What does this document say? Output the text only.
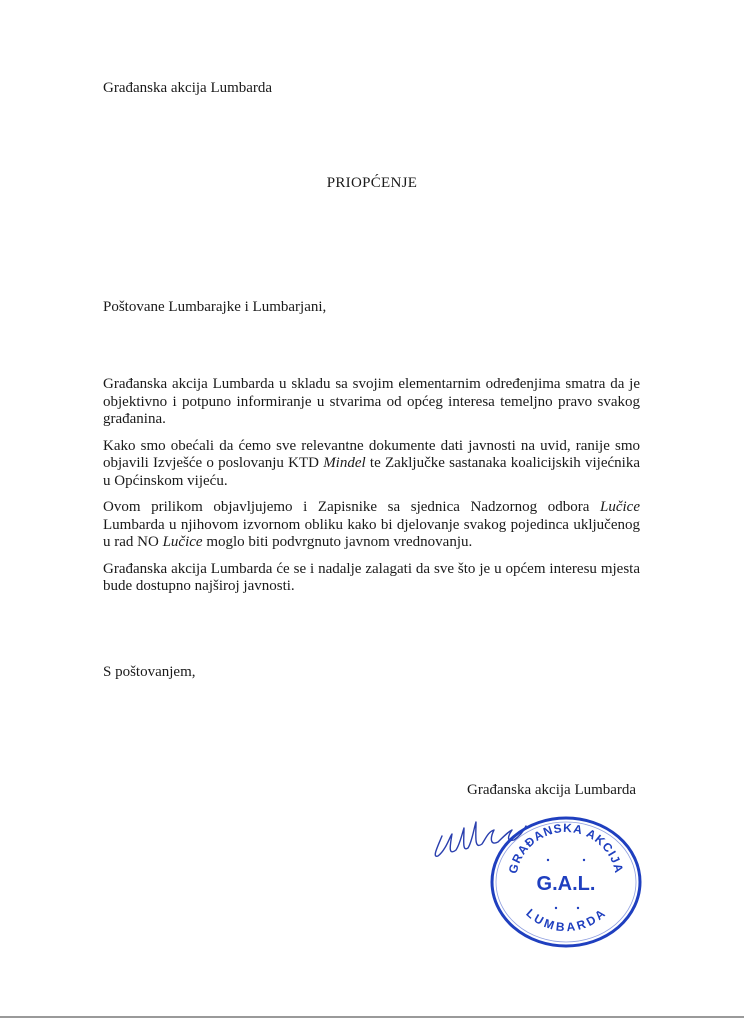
Građanska akcija Lumbarda
PRIOPĆENJE
Poštovane Lumbarajke i Lumbarjani,

Građanska akcija Lumbarda u skladu sa svojim elementarnim određenjima smatra da je objektivno i potpuno informiranje u stvarima od općeg interesa temeljno pravo svakog građanina.

Kako smo obećali da ćemo sve relevantne dokumente dati javnosti na uvid, ranije smo objavili Izvješće o poslovanju KTD Mindel te Zaključke sastanaka koalicijskih vijećnika u Općinskom vijeću.

Ovom prilikom objavljujemo i Zapisnike sa sjednica Nadzornog odbora Lučice Lumbarda u njihovom izvornom obliku kako bi djelovanje svakog pojedinca uključenog u rad NO Lučice moglo biti podvrgnuto javnom vrednovanju.

Građanska akcija Lumbarda će se i nadalje zalagati da sve što je u općem interesu mjesta bude dostupno najširoj javnosti.

S poštovanjem,
Građanska akcija Lumbarda
GRAĐANSKA AKCIJA
G.A.L.
LUMBARDA
